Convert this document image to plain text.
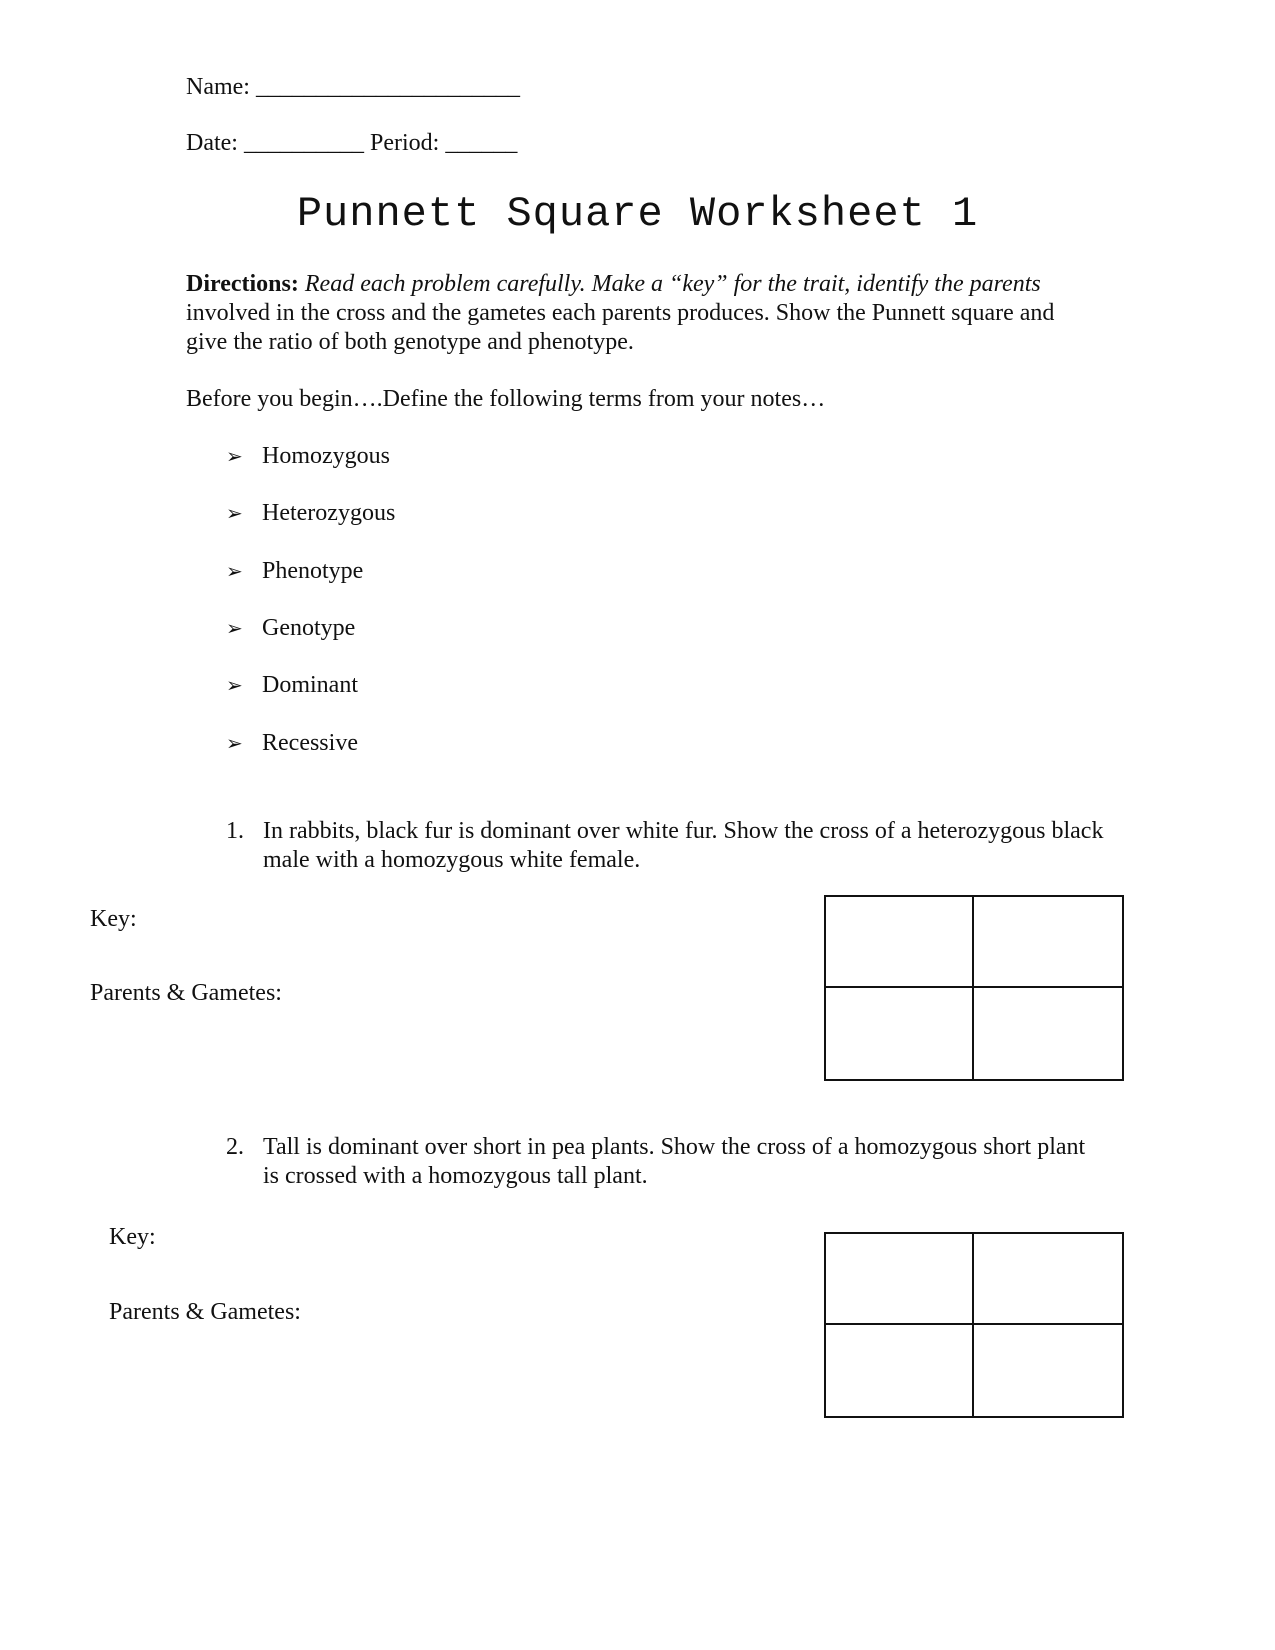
Name: ______________________
Date: __________ Period: ______
Punnett Square Worksheet 1
Directions: Read each problem carefully. Make a “key” for the trait, identify the parents involved in the cross and the gametes each parents produces. Show the Punnett square and give the ratio of both genotype and phenotype.
Before you begin….Define the following terms from your notes…
➢ Homozygous
➢ Heterozygous
➢ Phenotype
➢ Genotype
➢ Dominant
➢ Recessive
1. In rabbits, black fur is dominant over white fur. Show the cross of a heterozygous black male with a homozygous white female.
Key:
Parents & Gametes:
2. Tall is dominant over short in pea plants. Show the cross of a homozygous short plant is crossed with a homozygous tall plant.
Key:
Parents & Gametes:
